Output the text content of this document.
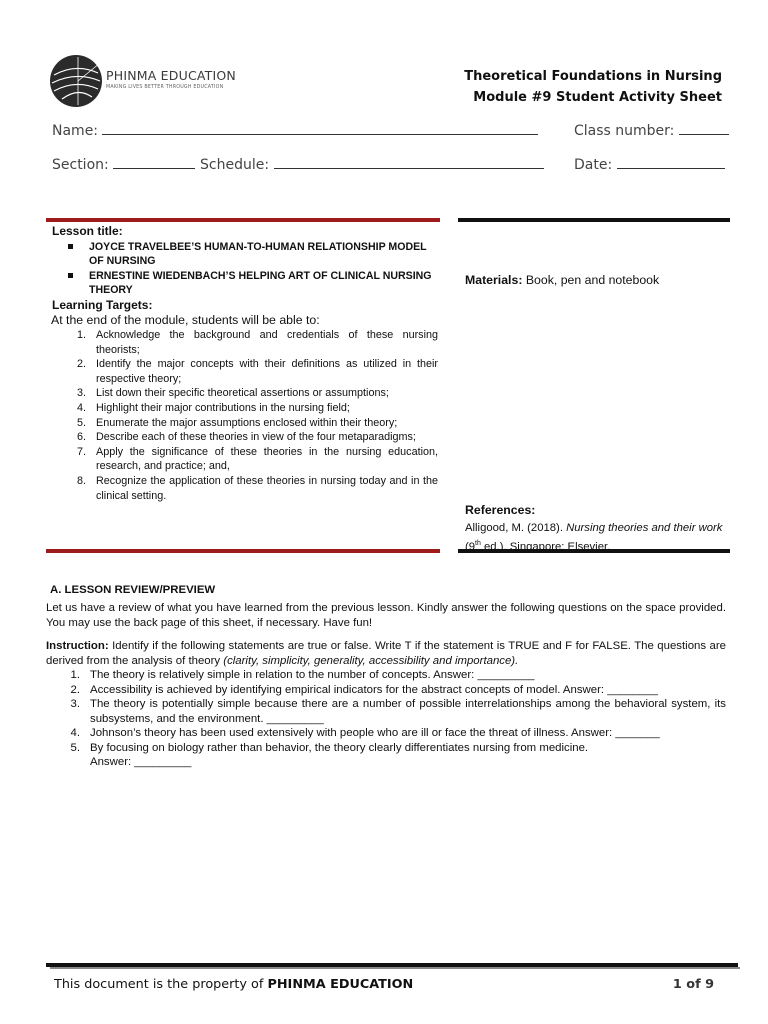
PHINMA EDUCATION
MAKING LIVES BETTER THROUGH EDUCATION
Theoretical Foundations in Nursing
Module #9 Student Activity Sheet
Name:	Class number:
Section:	Schedule:	Date:
Lesson title:
JOYCE TRAVELBEE’S HUMAN-TO-HUMAN RELATIONSHIP MODEL OF NURSING
ERNESTINE WIEDENBACH’S HELPING ART OF CLINICAL NURSING THEORY
Learning Targets:
At the end of the module, students will be able to:
1. Acknowledge the background and credentials of these nursing theorists;
2. Identify the major concepts with their definitions as utilized in their respective theory;
3. List down their specific theoretical assertions or assumptions;
4. Highlight their major contributions in the nursing field;
5. Enumerate the major assumptions enclosed within their theory;
6. Describe each of these theories in view of the four metaparadigms;
7. Apply the significance of these theories in the nursing education, research, and practice; and,
8. Recognize the application of these theories in nursing today and in the clinical setting.
Materials: Book, pen and notebook
References:
Alligood, M. (2018). Nursing theories and their work (9th ed.). Singapore: Elsevier.
A. LESSON REVIEW/PREVIEW
Let us have a review of what you have learned from the previous lesson. Kindly answer the following questions on the space provided. You may use the back page of this sheet, if necessary. Have fun!
Instruction: Identify if the following statements are true or false. Write T if the statement is TRUE and F for FALSE. The questions are derived from the analysis of theory (clarity, simplicity, generality, accessibility and importance).
1. The theory is relatively simple in relation to the number of concepts. Answer: _________
2. Accessibility is achieved by identifying empirical indicators for the abstract concepts of model. Answer: ________
3. The theory is potentially simple because there are a number of possible interrelationships among the behavioral system, its subsystems, and the environment. _________
4. Johnson’s theory has been used extensively with people who are ill or face the threat of illness. Answer: _______
5. By focusing on biology rather than behavior, the theory clearly differentiates nursing from medicine.
Answer: _________
This document is the property of PHINMA EDUCATION	1 of 9
